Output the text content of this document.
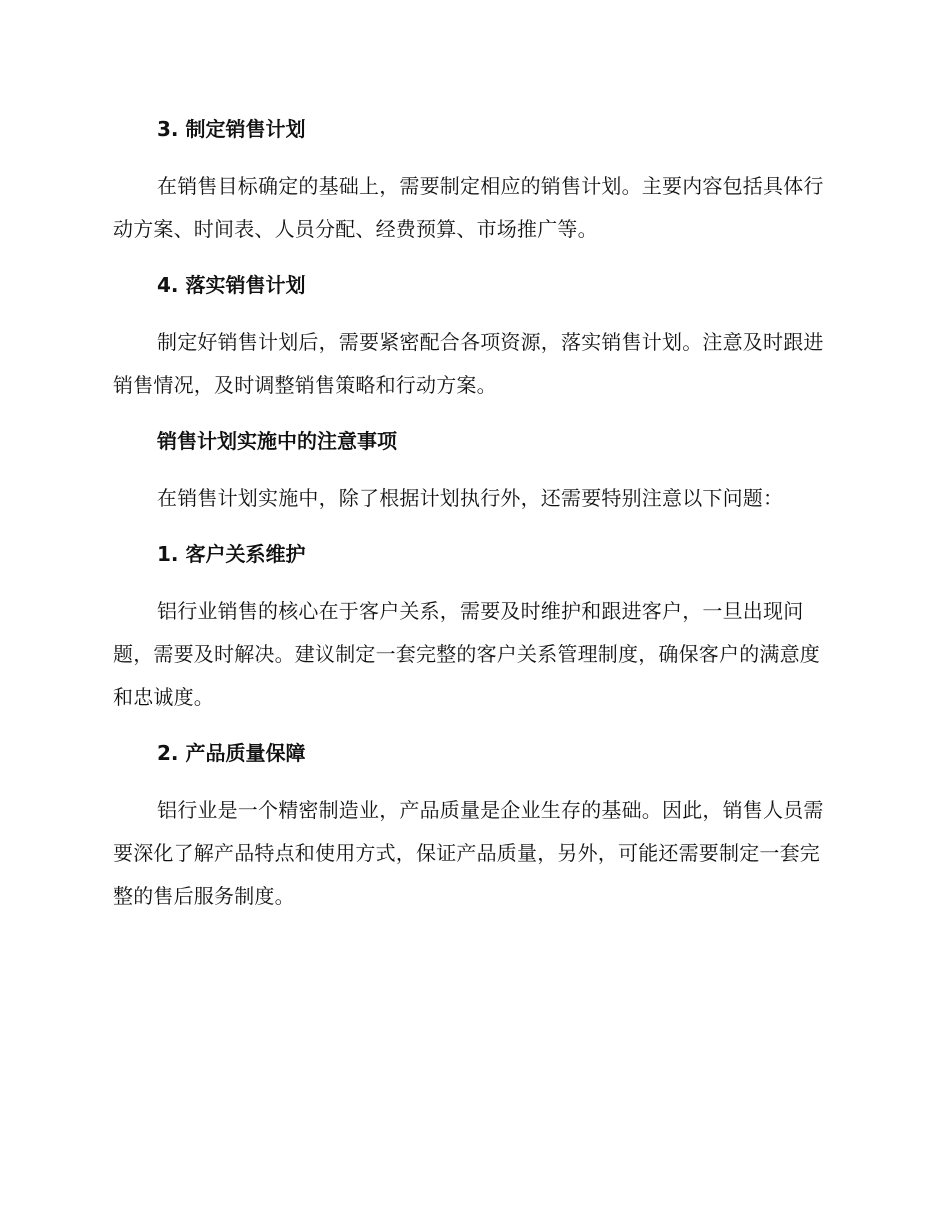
3. 制定销售计划

在销售目标确定的基础上，需要制定相应的销售计划。主要内容包括具体行动方案、时间表、人员分配、经费预算、市场推广等。

4. 落实销售计划

制定好销售计划后，需要紧密配合各项资源，落实销售计划。注意及时跟进销售情况，及时调整销售策略和行动方案。

销售计划实施中的注意事项

在销售计划实施中，除了根据计划执行外，还需要特别注意以下问题：

1. 客户关系维护

铝行业销售的核心在于客户关系，需要及时维护和跟进客户，一旦出现问题，需要及时解决。建议制定一套完整的客户关系管理制度，确保客户的满意度和忠诚度。

2. 产品质量保障

铝行业是一个精密制造业，产品质量是企业生存的基础。因此，销售人员需要深化了解产品特点和使用方式，保证产品质量，另外，可能还需要制定一套完整的售后服务制度。
